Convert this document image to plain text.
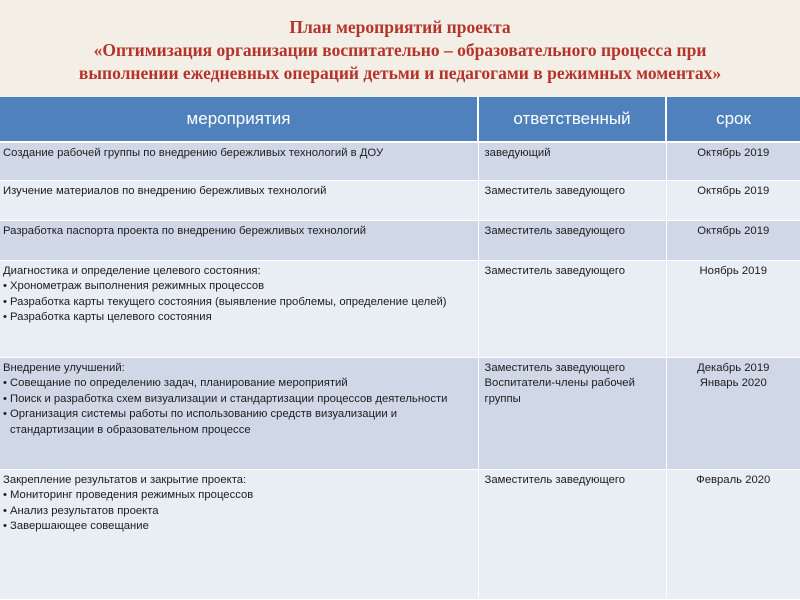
План мероприятий проекта
«Оптимизация организации воспитательно – образовательного процесса при
выполнении ежедневных операций детьми и педагогами в режимных моментах»
мероприятия	ответственный	срок
Создание рабочей группы по внедрению бережливых технологий в ДОУ	заведующий	Октябрь 2019
Изучение материалов по внедрению бережливых технологий	Заместитель заведующего	Октябрь 2019
Разработка паспорта проекта по внедрению бережливых технологий	Заместитель заведующего	Октябрь 2019

Диагностика и определение целевого состояния:
• Хронометраж выполнения режимных процессов
• Разработка карты текущего состояния (выявление проблемы, определение целей)
• Разработка карты целевого состояния	Заместитель заведующего	Ноябрь 2019

Внедрение улучшений:
• Совещание по определению задач, планирование мероприятий
• Поиск и разработка схем визуализации и стандартизации процессов деятельности
• Организация системы работы по использованию средств визуализации и стандартизации в образовательном процессе	Заместитель заведующего
Воспитатели-члены рабочей группы	Декабрь 2019
Январь 2020

Закрепление результатов и закрытие проекта:
• Мониторинг проведения режимных процессов
• Анализ результатов проекта
• Завершающее совещание	Заместитель заведующего	Февраль 2020
